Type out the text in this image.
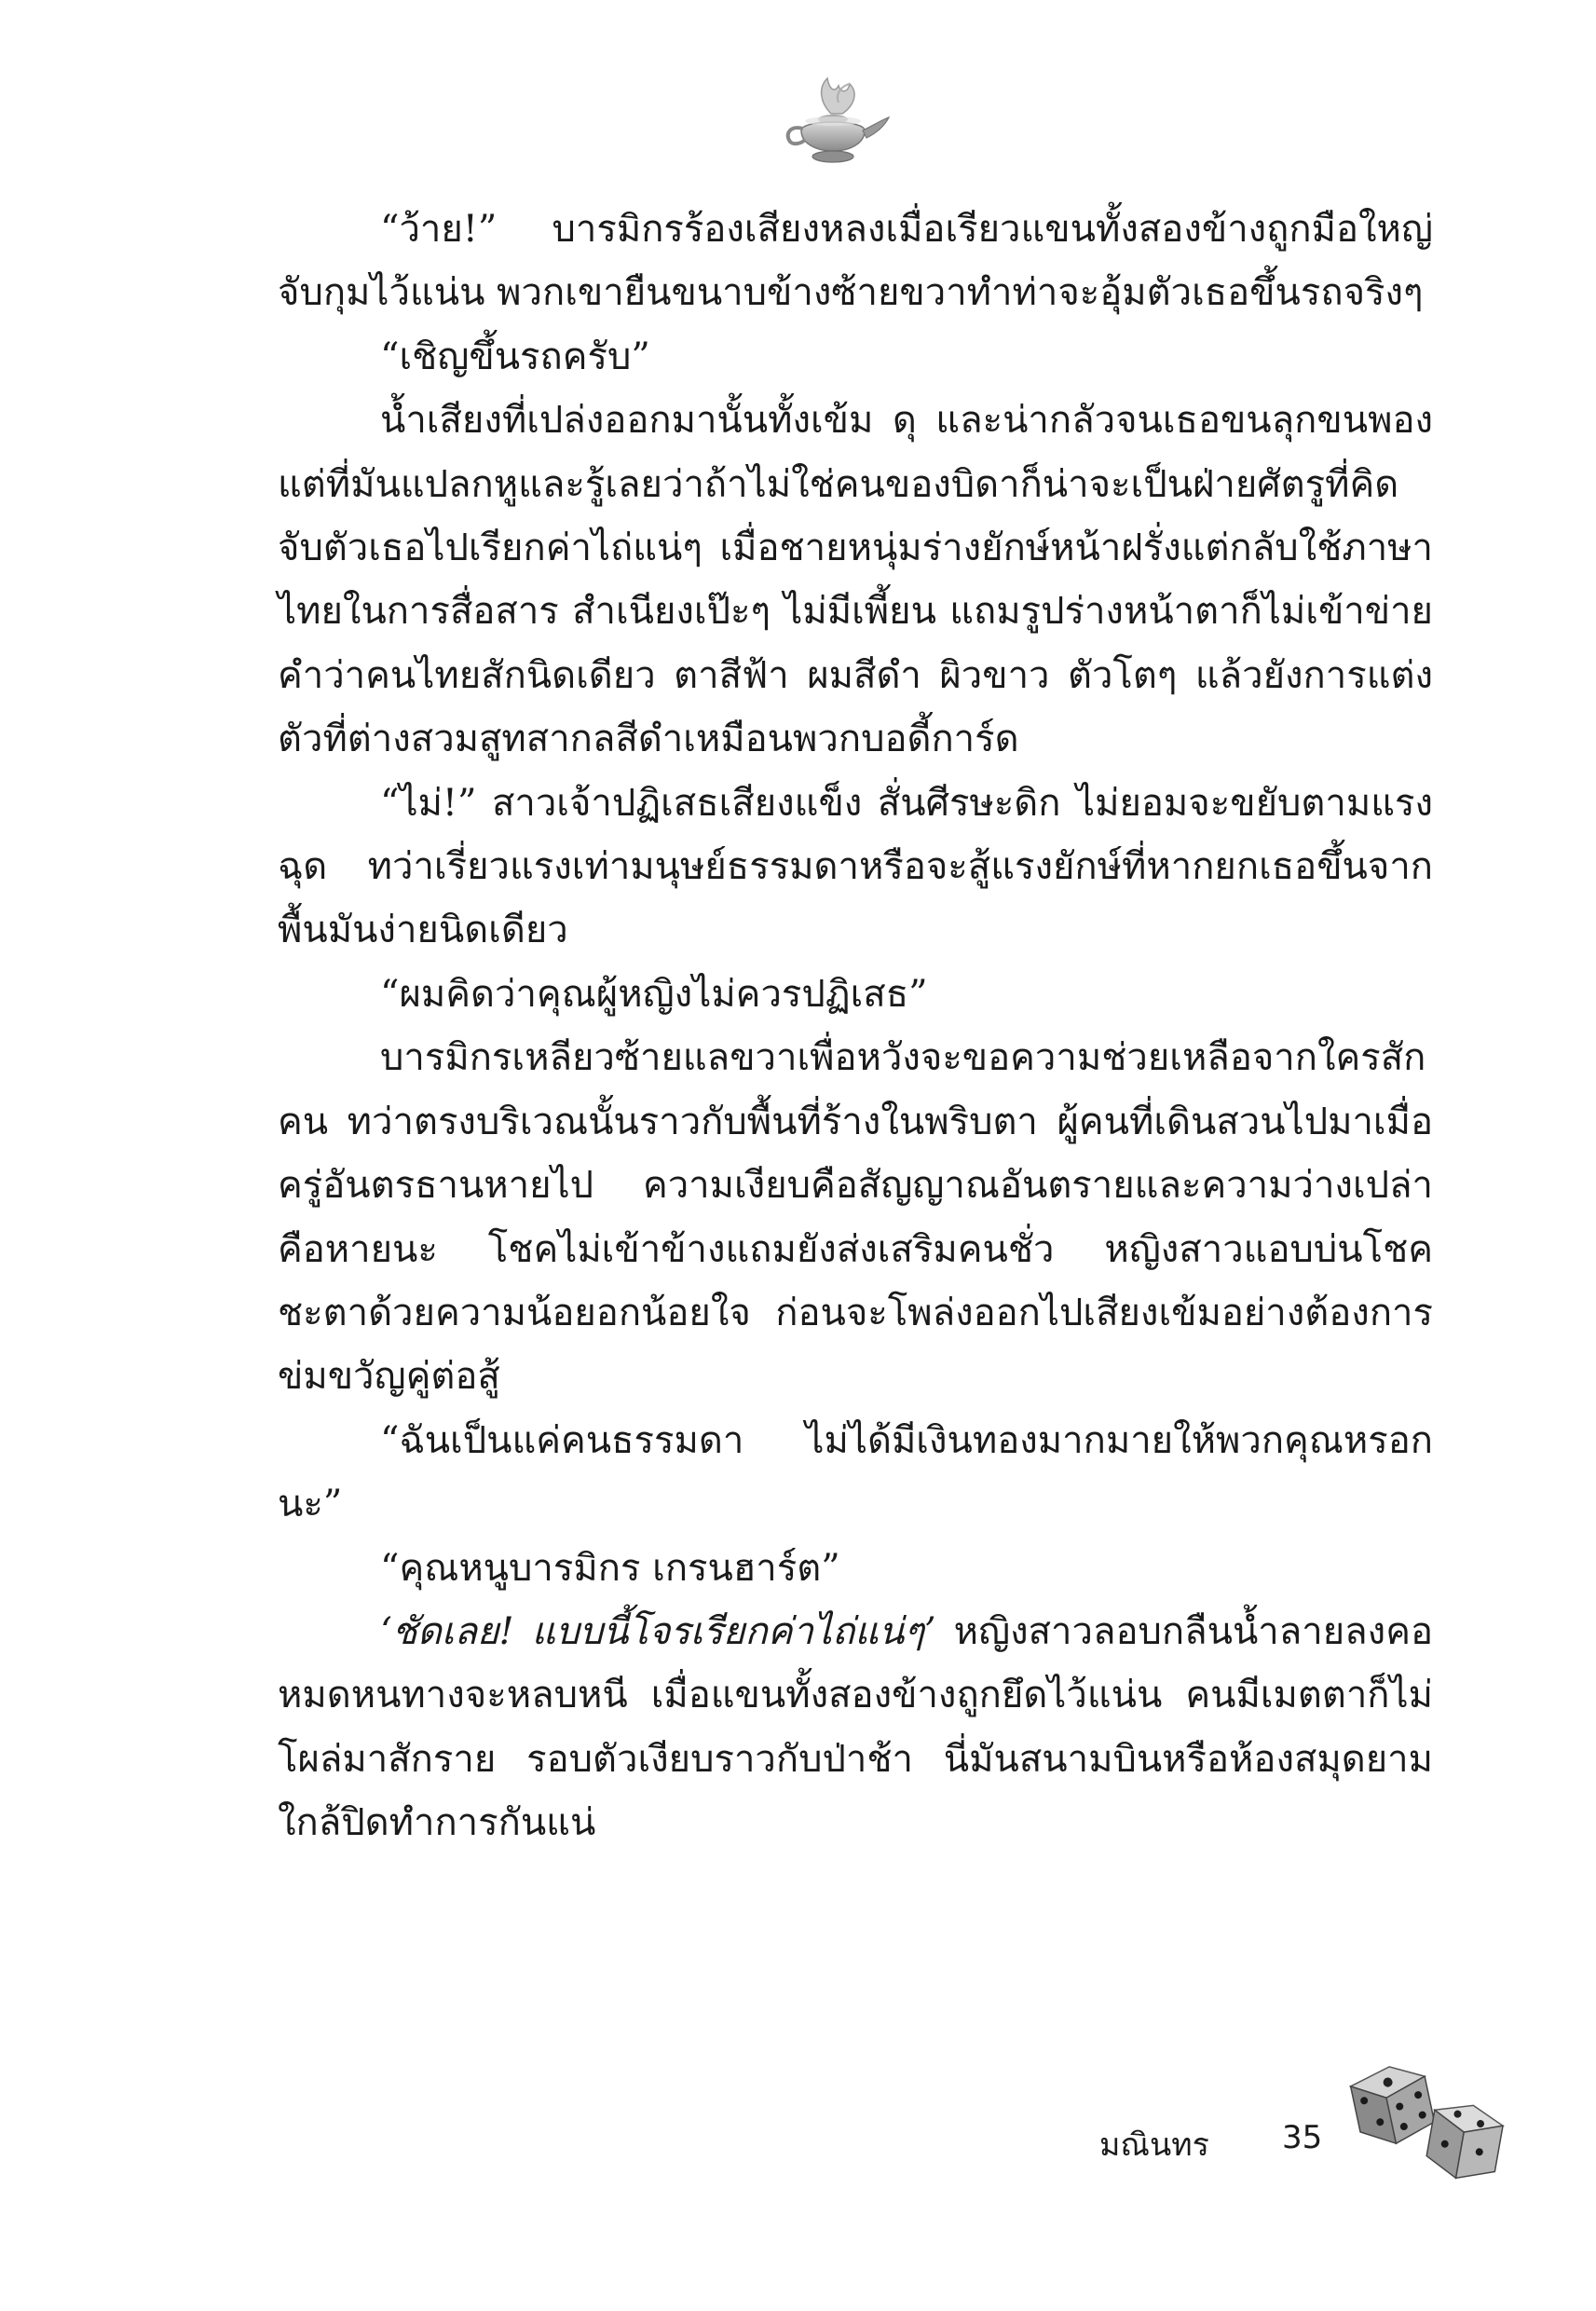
“ว้าย!” บารมิกรร้องเสียงหลงเมื่อเรียวแขนทั้งสองข้างถูกมือใหญ่จับกุมไว้แน่น พวกเขายืนขนาบข้างซ้ายขวาทำท่าจะอุ้มตัวเธอขึ้นรถจริงๆ

“เชิญขึ้นรถครับ”

น้ำเสียงที่เปล่งออกมานั้นทั้งเข้ม ดุ และน่ากลัวจนเธอขนลุกขนพอง แต่ที่มันแปลกหูและรู้เลยว่าถ้าไม่ใช่คนของบิดาก็น่าจะเป็นฝ่ายศัตรูที่คิดจับตัวเธอไปเรียกค่าไถ่แน่ๆ เมื่อชายหนุ่มร่างยักษ์หน้าฝรั่งแต่กลับใช้ภาษาไทยในการสื่อสาร สำเนียงเป๊ะๆ ไม่มีเพี้ยน แถมรูปร่างหน้าตาก็ไม่เข้าข่ายคำว่าคนไทยสักนิดเดียว ตาสีฟ้า ผมสีดำ ผิวขาว ตัวโตๆ แล้วยังการแต่งตัวที่ต่างสวมสูทสากลสีดำเหมือนพวกบอดี้การ์ด

“ไม่!” สาวเจ้าปฏิเสธเสียงแข็ง สั่นศีรษะดิก ไม่ยอมจะขยับตามแรงฉุด ทว่าเรี่ยวแรงเท่ามนุษย์ธรรมดาหรือจะสู้แรงยักษ์ที่หากยกเธอขึ้นจากพื้นมันง่ายนิดเดียว

“ผมคิดว่าคุณผู้หญิงไม่ควรปฏิเสธ”

บารมิกรเหลียวซ้ายแลขวาเพื่อหวังจะขอความช่วยเหลือจากใครสักคน ทว่าตรงบริเวณนั้นราวกับพื้นที่ร้างในพริบตา ผู้คนที่เดินสวนไปมาเมื่อครู่อันตรธานหายไป ความเงียบคือสัญญาณอันตรายและความว่างเปล่าคือหายนะ โชคไม่เข้าข้างแถมยังส่งเสริมคนชั่ว หญิงสาวแอบบ่นโชคชะตาด้วยความน้อยอกน้อยใจ ก่อนจะโพล่งออกไปเสียงเข้มอย่างต้องการข่มขวัญคู่ต่อสู้

“ฉันเป็นแค่คนธรรมดา ไม่ได้มีเงินทองมากมายให้พวกคุณหรอกนะ”

“คุณหนูบารมิกร เกรนฮาร์ต”

‘ชัดเลย! แบบนี้โจรเรียกค่าไถ่แน่ๆ’ หญิงสาวลอบกลืนน้ำลายลงคอหมดหนทางจะหลบหนี เมื่อแขนทั้งสองข้างถูกยึดไว้แน่น คนมีเมตตาก็ไม่โผล่มาสักราย รอบตัวเงียบราวกับป่าช้า นี่มันสนามบินหรือห้องสมุดยามใกล้ปิดทำการกันแน่

มณินทร 35
